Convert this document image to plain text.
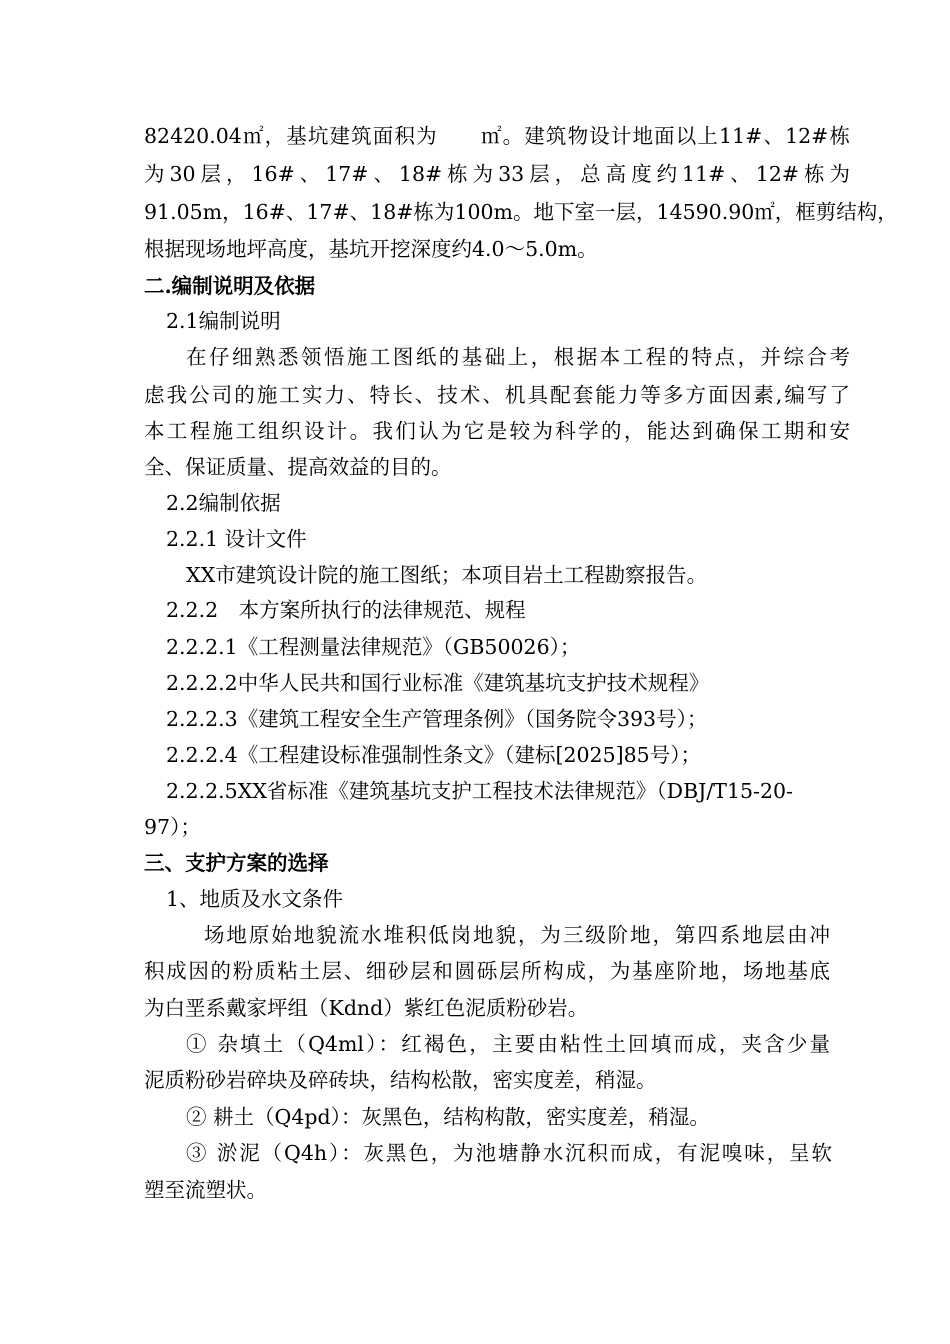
82420.04㎡，基坑建筑面积为　　㎡。建筑物设计地面以上11#、12#栋
为30层，16#、17#、18#栋为33层，总高度约11#、12#栋为
91.05m，16#、17#、18#栋为100m。地下室一层，14590.90㎡，框剪结构，
根据现场地坪高度，基坑开挖深度约4.0～5.0m。
二.编制说明及依据
2.1编制说明
在仔细熟悉领悟施工图纸的基础上，根据本工程的特点，并综合考
虑我公司的施工实力、特长、技术、机具配套能力等多方面因素,编写了
本工程施工组织设计。我们认为它是较为科学的，能达到确保工期和安
全、保证质量、提高效益的目的。
2.2编制依据
2.2.1 设计文件
XX市建筑设计院的施工图纸；本项目岩土工程勘察报告。
2.2.2　本方案所执行的法律规范、规程
2.2.2.1《工程测量法律规范》（GB50026）；
2.2.2.2中华人民共和国行业标准《建筑基坑支护技术规程》
2.2.2.3《建筑工程安全生产管理条例》（国务院令393号）；
2.2.2.4《工程建设标准强制性条文》（建标[2025]85号）；
2.2.2.5XX省标准《建筑基坑支护工程技术法律规范》（DBJ/T15-20-
97）；
三、支护方案的选择
1、地质及水文条件
场地原始地貌流水堆积低岗地貌，为三级阶地，第四系地层由冲
积成因的粉质粘土层、细砂层和圆砾层所构成，为基座阶地，场地基底
为白垩系戴家坪组（Kdnd）紫红色泥质粉砂岩。
① 杂填土（Q4ml）：红褐色，主要由粘性土回填而成，夹含少量
泥质粉砂岩碎块及碎砖块，结构松散，密实度差，稍湿。
② 耕土（Q4pd）：灰黑色，结构构散，密实度差，稍湿。
③ 淤泥（Q4h）：灰黑色，为池塘静水沉积而成，有泥嗅味，呈软
塑至流塑状。
